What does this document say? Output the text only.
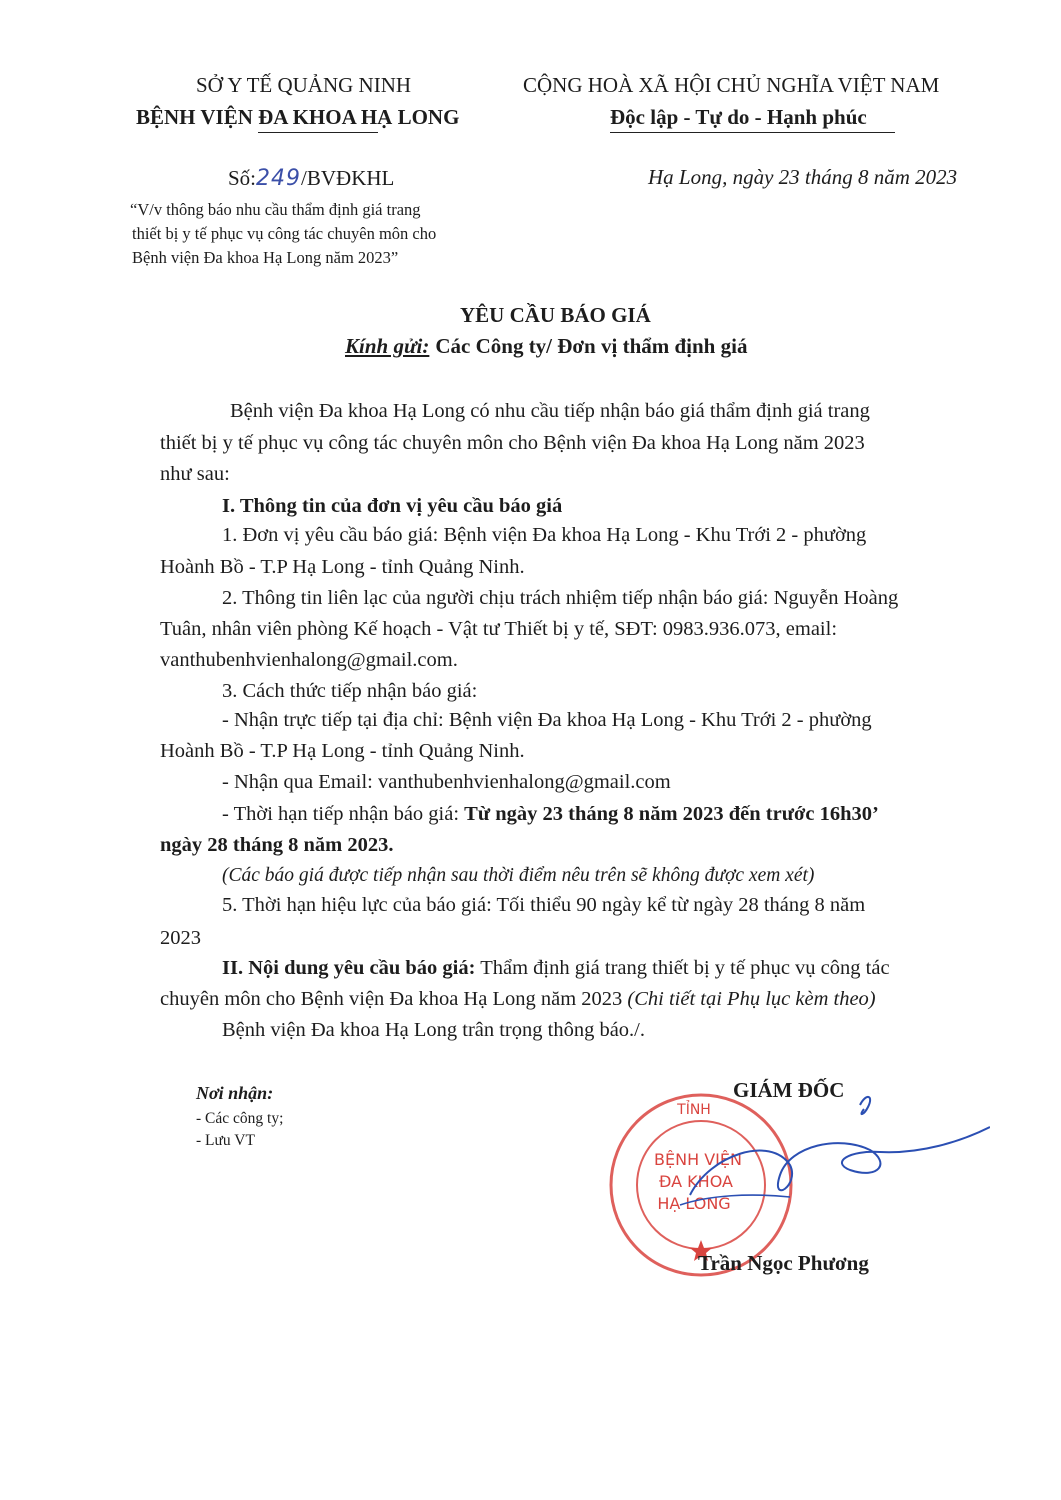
SỞ Y TẾ QUẢNG NINH
BỆNH VIỆN ĐA KHOA HẠ LONG
CỘNG HOÀ XÃ HỘI CHỦ NGHĨA VIỆT NAM
Độc lập - Tự do - Hạnh phúc
Số:249/BVĐKHL	Hạ Long, ngày 23 tháng 8 năm 2023
“V/v thông báo nhu cầu thẩm định giá trang
thiết bị y tế phục vụ công tác chuyên môn cho
Bệnh viện Đa khoa Hạ Long năm 2023”
YÊU CẦU BÁO GIÁ
Kính gửi: Các Công ty/ Đơn vị thẩm định giá
Bệnh viện Đa khoa Hạ Long có nhu cầu tiếp nhận báo giá thẩm định giá trang
thiết bị y tế phục vụ công tác chuyên môn cho Bệnh viện Đa khoa Hạ Long năm 2023
như sau:
I. Thông tin của đơn vị yêu cầu báo giá
1. Đơn vị yêu cầu báo giá: Bệnh viện Đa khoa Hạ Long - Khu Trới 2 - phường
Hoành Bồ - T.P Hạ Long - tỉnh Quảng Ninh.
2. Thông tin liên lạc của người chịu trách nhiệm tiếp nhận báo giá: Nguyễn Hoàng
Tuân, nhân viên phòng Kế hoạch - Vật tư Thiết bị y tế, SĐT: 0983.936.073, email:
vanthubenhvienhalong@gmail.com.
3. Cách thức tiếp nhận báo giá:
- Nhận trực tiếp tại địa chỉ: Bệnh viện Đa khoa Hạ Long - Khu Trới 2 - phường
Hoành Bồ - T.P Hạ Long - tỉnh Quảng Ninh.
- Nhận qua Email: vanthubenhvienhalong@gmail.com
- Thời hạn tiếp nhận báo giá: Từ ngày 23 tháng 8 năm 2023 đến trước 16h30’
ngày 28 tháng 8 năm 2023.
(Các báo giá được tiếp nhận sau thời điểm nêu trên sẽ không được xem xét)
5. Thời hạn hiệu lực của báo giá: Tối thiểu 90 ngày kể từ ngày 28 tháng 8 năm
2023
II. Nội dung yêu cầu báo giá: Thẩm định giá trang thiết bị y tế phục vụ công tác
chuyên môn cho Bệnh viện Đa khoa Hạ Long năm 2023 (Chi tiết tại Phụ lục kèm theo)
Bệnh viện Đa khoa Hạ Long trân trọng thông báo./.
Nơi nhận:
- Các công ty;
- Lưu VT
GIÁM ĐỐC
TỈNH
BỆNH VIỆN
ĐA KHOA
HẠ LONG
Trần Ngọc Phương
